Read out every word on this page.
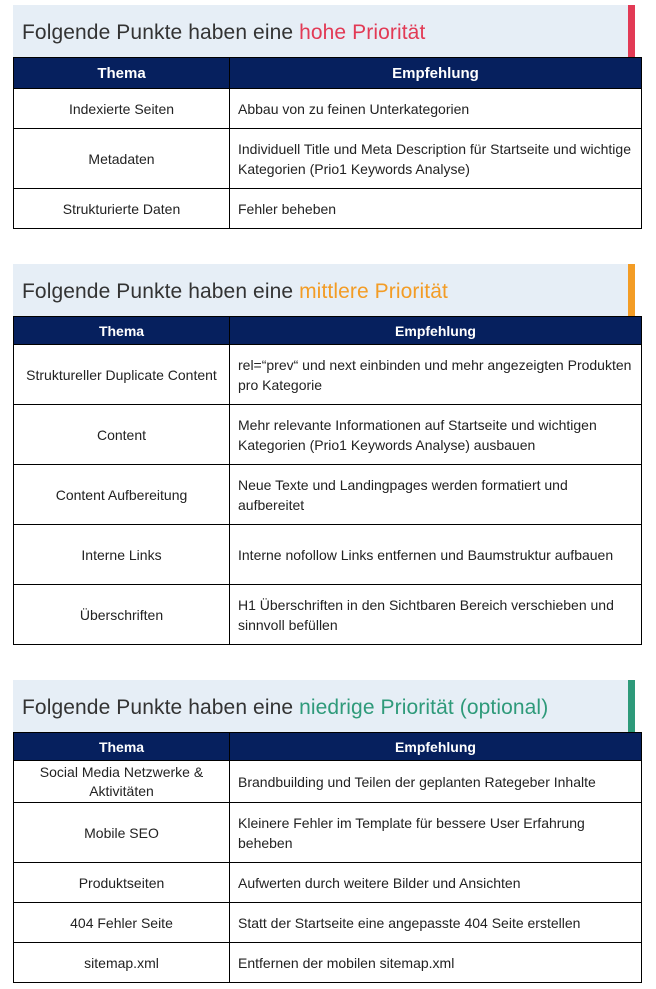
Folgende Punkte haben eine hohe Priorität
Thema	Empfehlung
Indexierte Seiten	Abbau von zu feinen Unterkategorien
Metadaten	Individuell Title und Meta Description für Startseite und wichtige Kategorien (Prio1 Keywords Analyse)
Strukturierte Daten	Fehler beheben
Folgende Punkte haben eine mittlere Priorität
Thema	Empfehlung
Struktureller Duplicate Content	rel=“prev“ und next einbinden und mehr angezeigten Produkten pro Kategorie
Content	Mehr relevante Informationen auf Startseite und wichtigen Kategorien (Prio1 Keywords Analyse) ausbauen
Content Aufbereitung	Neue Texte und Landingpages werden formatiert und aufbereitet
Interne Links	Interne nofollow Links entfernen und Baumstruktur aufbauen
Überschriften	H1 Überschriften in den Sichtbaren Bereich verschieben und sinnvoll befüllen
Folgende Punkte haben eine niedrige Priorität (optional)
Thema	Empfehlung
Social Media Netzwerke & Aktivitäten	Brandbuilding und Teilen der geplanten Rategeber Inhalte
Mobile SEO	Kleinere Fehler im Template für bessere User Erfahrung beheben
Produktseiten	Aufwerten durch weitere Bilder und Ansichten
404 Fehler Seite	Statt der Startseite eine angepasste 404 Seite erstellen
sitemap.xml	Entfernen der mobilen sitemap.xml
